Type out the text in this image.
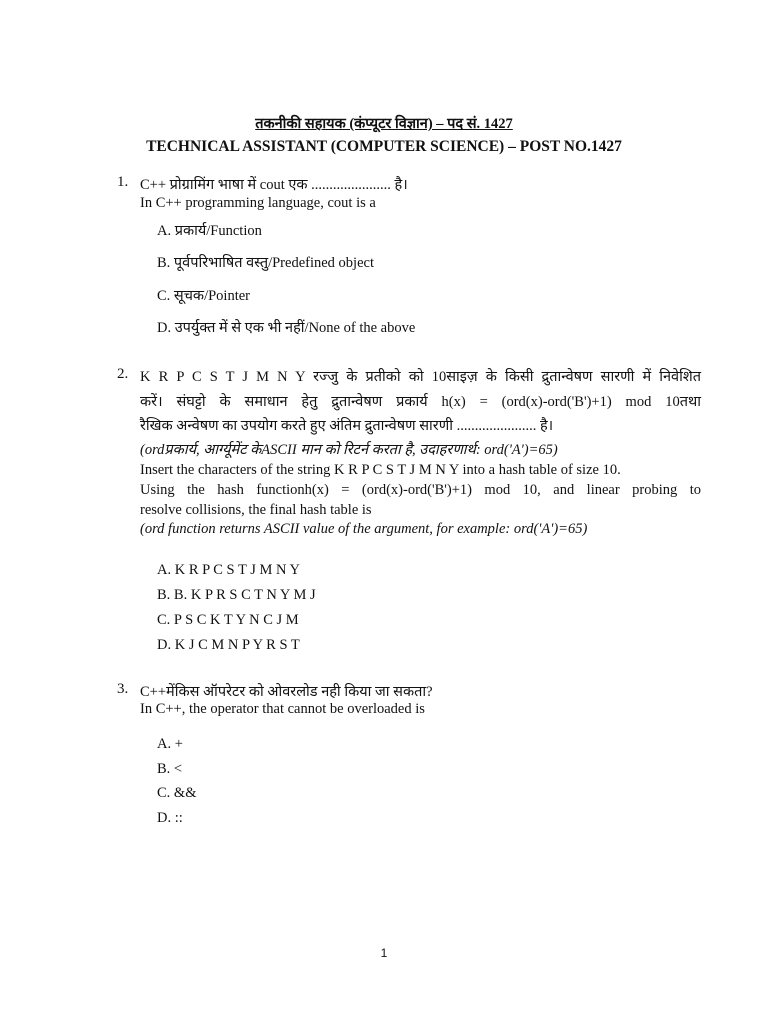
तकनीकी सहायक (कंप्यूटर विज्ञान) – पद सं. 1427
TECHNICAL ASSISTANT (COMPUTER SCIENCE) – POST NO.1427
1. C++ प्रोग्रामिंग भाषा में cout एक ...................... है।
In C++ programming language, cout is a
A. प्रकार्य/Function
B. पूर्वपरिभाषित वस्तु/Predefined object
C. सूचक/Pointer
D. उपर्युक्त में से एक भी नहीं/None of the above
2. K R P C S T J M N Y रज्जु के प्रतीको को 10साइज़ के किसी द्रुतान्वेषण सारणी में निवेशित
करें। संघट्टो के समाधान हेतु द्रुतान्वेषण प्रकार्य h(x) = (ord(x)-ord('B')+1) mod 10तथा
रैखिक अन्वेषण का उपयोग करते हुए अंतिम द्रुतान्वेषण सारणी ...................... है।
(ordप्रकार्य, आर्ग्यूमेंट केASCII मान को रिटर्न करता है, उदाहरणार्थ: ord('A')=65)
Insert the characters of the string K R P C S T J M N Y into a hash table of size 10.
Using the hash functionh(x) = (ord(x)-ord('B')+1) mod 10, and linear probing to
resolve collisions, the final hash table is
(ord function returns ASCII value of the argument, for example: ord('A')=65)
A. K R P C S T J M N Y
B. B. K P R S C T N Y M J
C. P S C K T Y N C J M
D. K J C M N P Y R S T
3. C++मेंकिस ऑपरेटर को ओवरलोड नही किया जा सकता?
In C++, the operator that cannot be overloaded is
A. +
B. <
C. &&
D. ::
1
